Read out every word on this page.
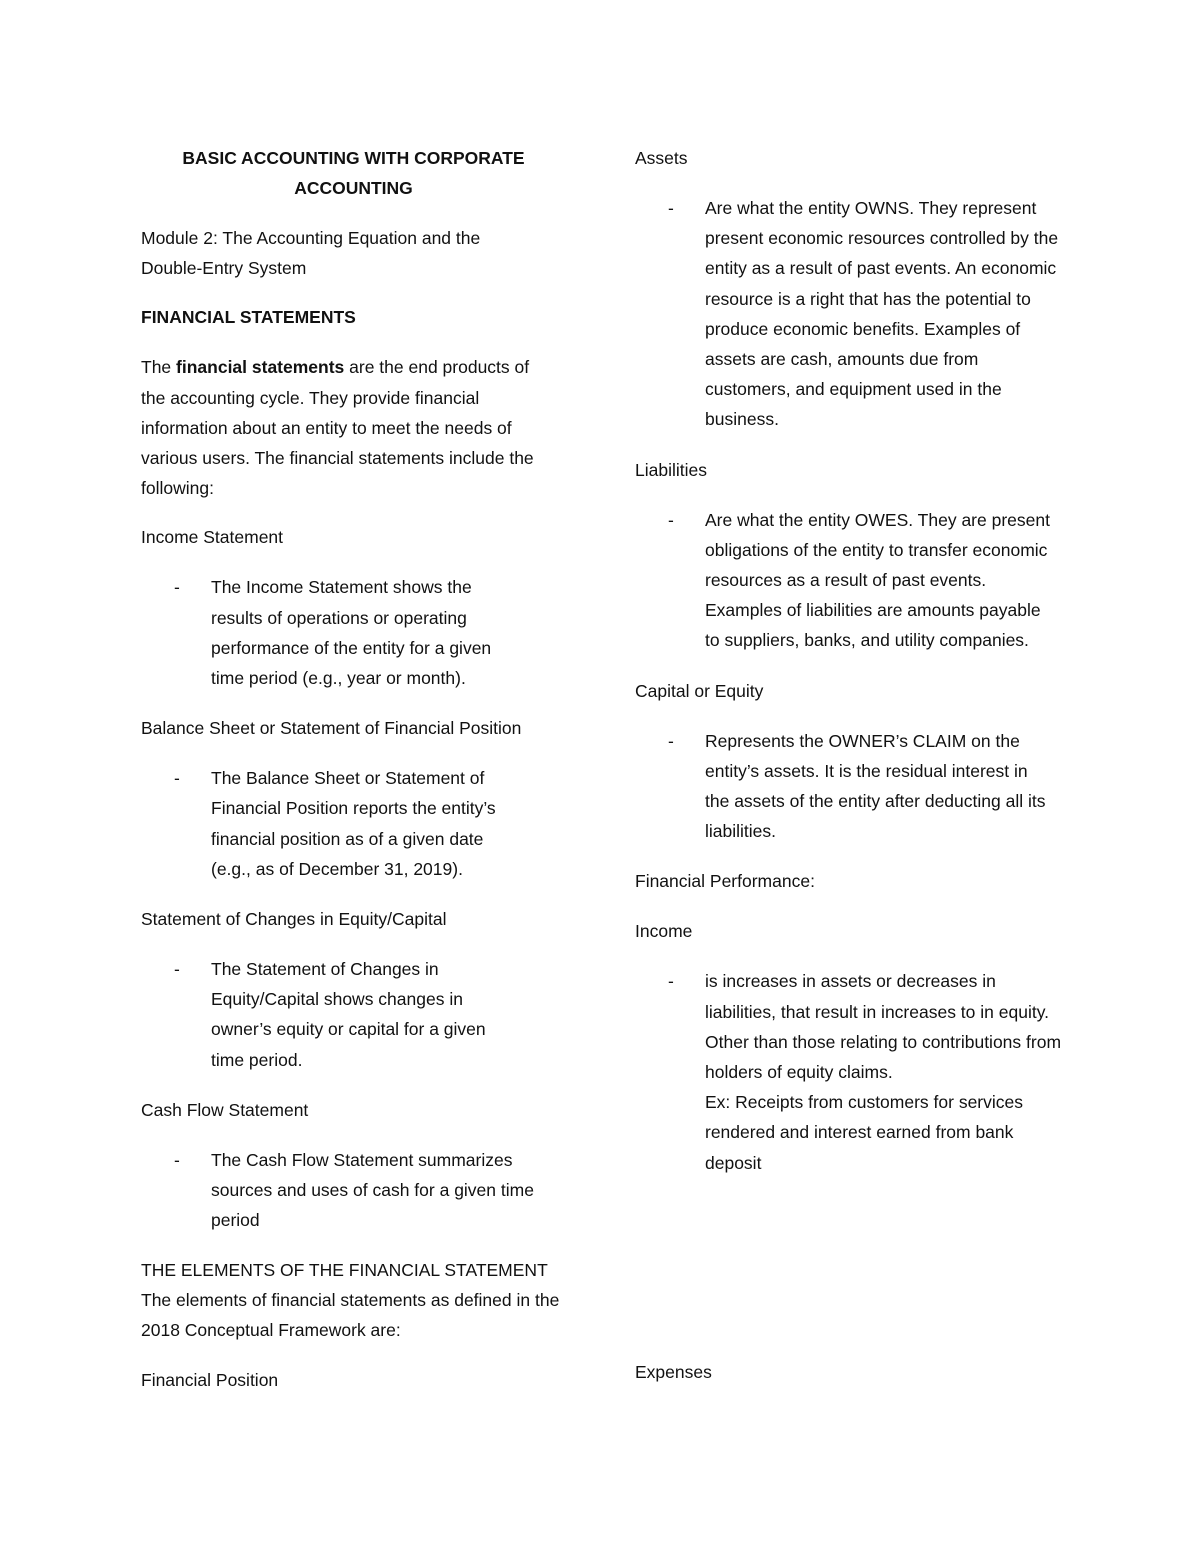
BASIC ACCOUNTING WITH CORPORATE
ACCOUNTING
Module 2: The Accounting Equation and the Double-Entry System
FINANCIAL STATEMENTS
The financial statements are the end products of the accounting cycle. They provide financial information about an entity to meet the needs of various users. The financial statements include the following:
Income Statement
- The Income Statement shows the results of operations or operating performance of the entity for a given time period (e.g., year or month).
Balance Sheet or Statement of Financial Position
- The Balance Sheet or Statement of Financial Position reports the entity’s financial position as of a given date (e.g., as of December 31, 2019).
Statement of Changes in Equity/Capital
- The Statement of Changes in Equity/Capital shows changes in owner’s equity or capital for a given time period.
Cash Flow Statement
- The Cash Flow Statement summarizes sources and uses of cash for a given time period
THE ELEMENTS OF THE FINANCIAL STATEMENT
The elements of financial statements as defined in the 2018 Conceptual Framework are:
Financial Position
Assets
- Are what the entity OWNS. They represent present economic resources controlled by the entity as a result of past events. An economic resource is a right that has the potential to produce economic benefits. Examples of assets are cash, amounts due from customers, and equipment used in the business.
Liabilities
- Are what the entity OWES. They are present obligations of the entity to transfer economic resources as a result of past events. Examples of liabilities are amounts payable to suppliers, banks, and utility companies.
Capital or Equity
- Represents the OWNER’s CLAIM on the entity’s assets. It is the residual interest in the assets of the entity after deducting all its liabilities.
Financial Performance:
Income
- is increases in assets or decreases in liabilities, that result in increases to in equity. Other than those relating to contributions from holders of equity claims.
Ex: Receipts from customers for services rendered and interest earned from bank deposit
Expenses
